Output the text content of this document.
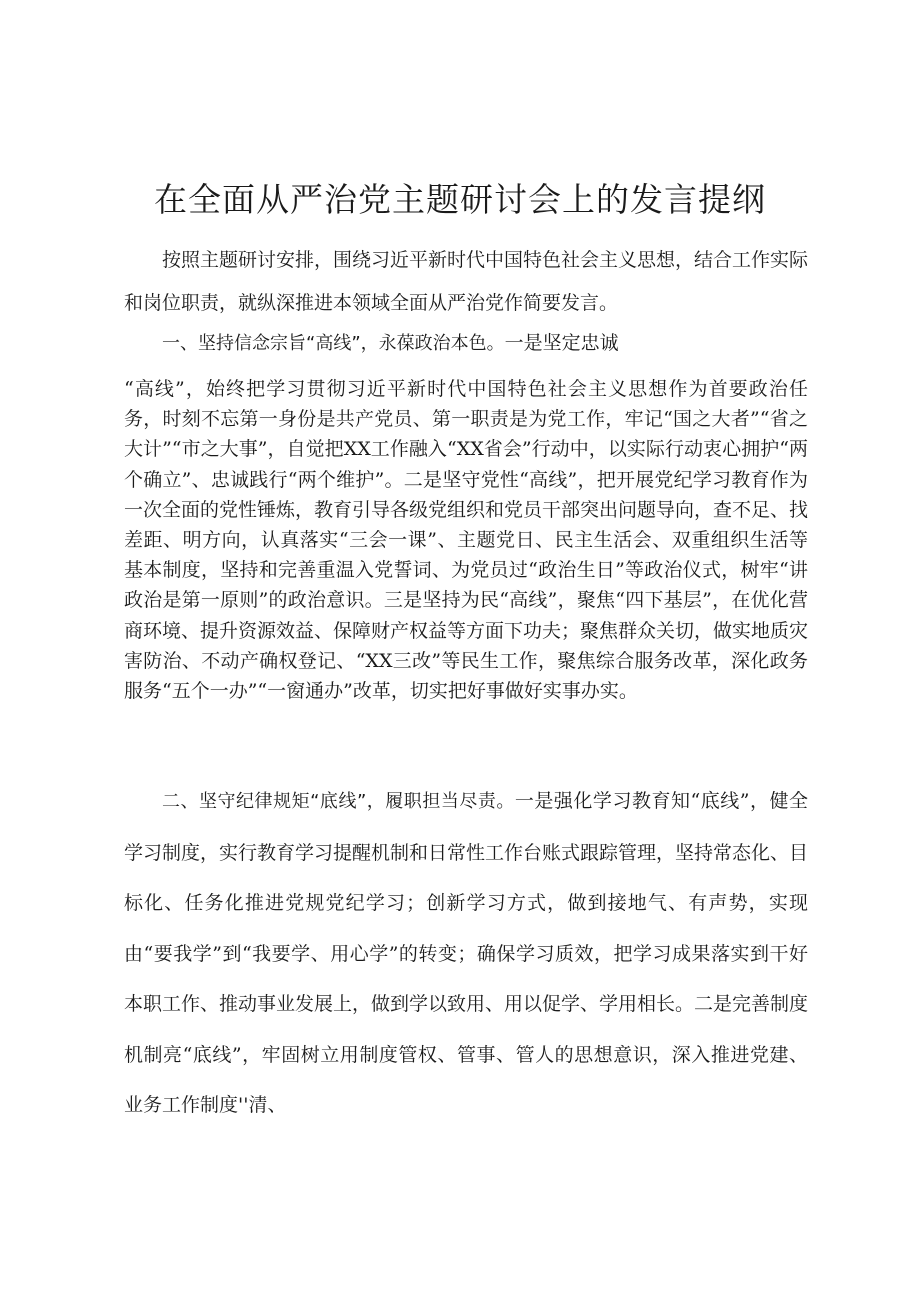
在全面从严治党主题研讨会上的发言提纲

按照主题研讨安排，围绕习近平新时代中国特色社会主义思想，结合工作实际和岗位职责，就纵深推进本领域全面从严治党作简要发言。

一、坚持信念宗旨“高线”，永葆政治本色。一是坚定忠诚

“高线”，始终把学习贯彻习近平新时代中国特色社会主义思想作为首要政治任务，时刻不忘第一身份是共产党员、第一职责是为党工作，牢记“国之大者”“省之大计”“市之大事”，自觉把XX工作融入“XX省会”行动中，以实际行动衷心拥护“两个确立”、忠诚践行“两个维护”。二是坚守党性“高线”，把开展党纪学习教育作为一次全面的党性锤炼，教育引导各级党组织和党员干部突出问题导向，查不足、找差距、明方向，认真落实“三会一课”、主题党日、民主生活会、双重组织生活等基本制度，坚持和完善重温入党誓词、为党员过“政治生日”等政治仪式，树牢“讲政治是第一原则”的政治意识。三是坚持为民“高线”，聚焦“四下基层”，在优化营商环境、提升资源效益、保障财产权益等方面下功夫；聚焦群众关切，做实地质灾害防治、不动产确权登记、“XX三改”等民生工作，聚焦综合服务改革，深化政务服务“五个一办”“一窗通办”改革，切实把好事做好实事办实。

二、坚守纪律规矩“底线”，履职担当尽责。一是强化学习教育知“底线”，健全学习制度，实行教育学习提醒机制和日常性工作台账式跟踪管理，坚持常态化、目标化、任务化推进党规党纪学习；创新学习方式，做到接地气、有声势，实现由“要我学”到“我要学、用心学”的转变；确保学习质效，把学习成果落实到干好本职工作、推动事业发展上，做到学以致用、用以促学、学用相长。二是完善制度机制亮“底线”，牢固树立用制度管权、管事、管人的思想意识，深入推进党建、业务工作制度''清、
